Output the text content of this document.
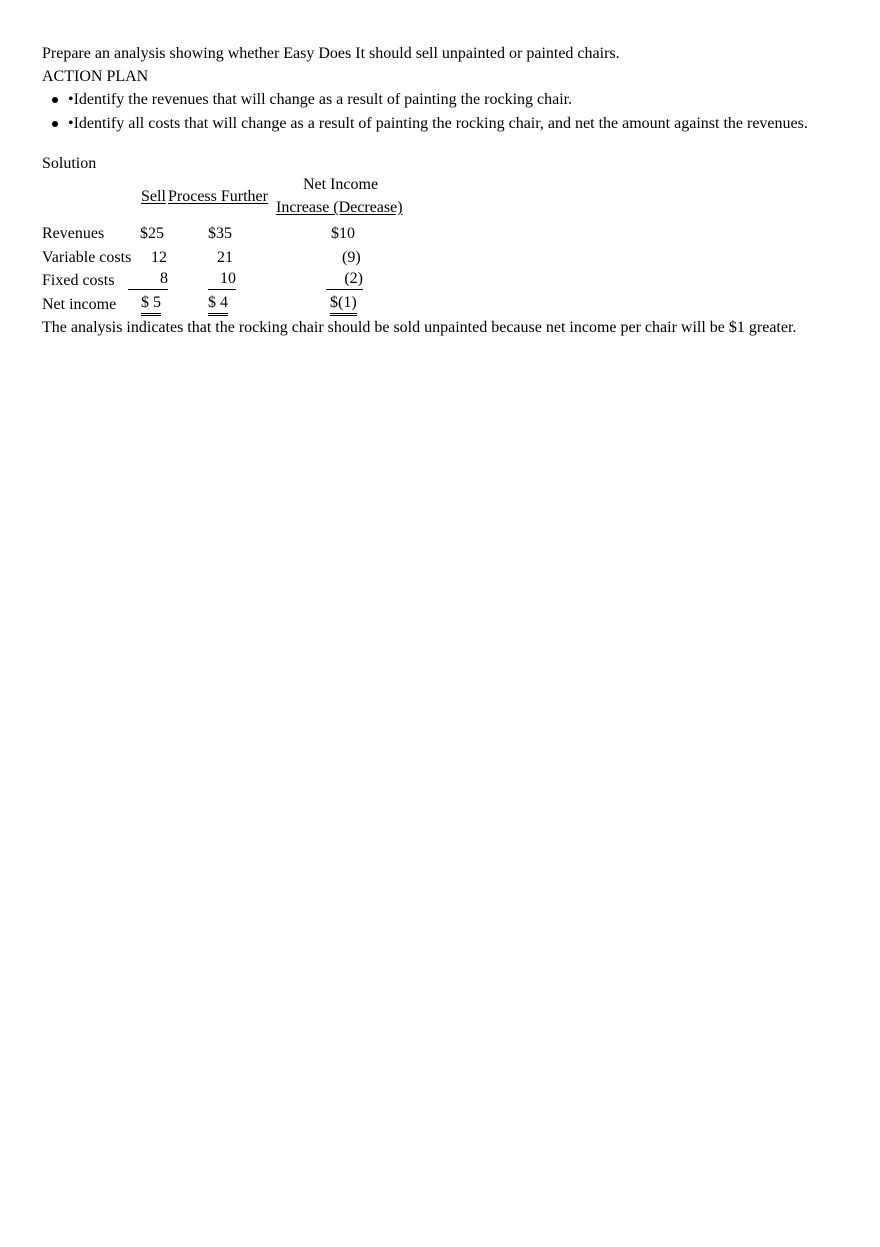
Prepare an analysis showing whether Easy Does It should sell unpainted or painted chairs.
ACTION PLAN
•Identify the revenues that will change as a result of painting the rocking chair.
•Identify all costs that will change as a result of painting the rocking chair, and net the amount against the revenues.
Solution
Sell Process Further
Net Income
Increase (Decrease)
Revenues $25	$35	$10
Variable costs 12	21	(9)
Fixed costs	8	10	(2)
Net income $ 5	$ 4	$(1)
The analysis indicates that the rocking chair should be sold unpainted because net income per chair will be $1 greater.
